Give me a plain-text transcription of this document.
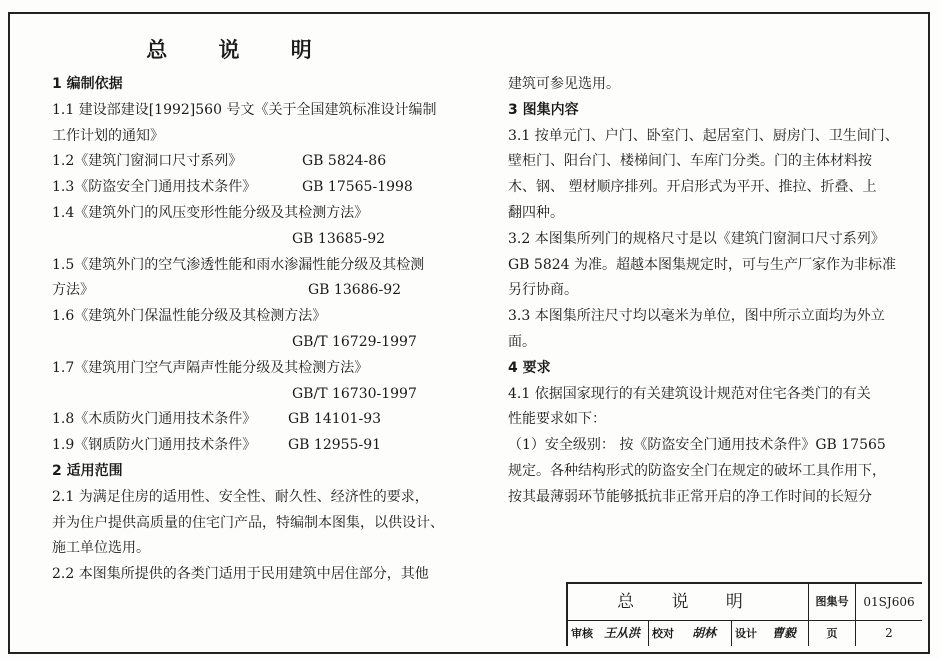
总 说 明
1 编制依据
1.1 建设部建设[1992]560 号文《关于全国建筑标准设计编制
工作计划的通知》
1.2《建筑门窗洞口尺寸系列》	GB 5824-86
1.3《防盗安全门通用技术条件》	GB 17565-1998
1.4《建筑外门的风压变形性能分级及其检测方法》
GB 13685-92
1.5《建筑外门的空气渗透性能和雨水渗漏性能分级及其检测
方法》	GB 13686-92
1.6《建筑外门保温性能分级及其检测方法》
GB/T 16729-1997
1.7《建筑用门空气声隔声性能分级及其检测方法》
GB/T 16730-1997
1.8《木质防火门通用技术条件》 GB 14101-93
1.9《钢质防火门通用技术条件》 GB 12955-91
2 适用范围
2.1 为满足住房的适用性、安全性、耐久性、经济性的要求，
并为住户提供高质量的住宅门产品，特编制本图集，以供设计、
施工单位选用。
2.2 本图集所提供的各类门适用于民用建筑中居住部分，其他
建筑可参见选用。
3 图集内容
3.1 按单元门、户门、卧室门、起居室门、厨房门、卫生间门、
壁柜门、阳台门、楼梯间门、车库门分类。门的主体材料按
木、钢、 塑材顺序排列。开启形式为平开、推拉、折叠、上
翻四种。
3.2 本图集所列门的规格尺寸是以《建筑门窗洞口尺寸系列》
GB 5824 为准。超越本图集规定时，可与生产厂家作为非标准
另行协商。
3.3 本图集所注尺寸均以毫米为单位，图中所示立面均为外立
面。
4 要求
4.1 依据国家现行的有关建筑设计规范对住宅各类门的有关
性能要求如下：
（1）安全级别： 按《防盗安全门通用技术条件》GB 17565
规定。各种结构形式的防盗安全门在规定的破坏工具作用下，
按其最薄弱环节能够抵抗非正常开启的净工作时间的长短分
总 说 明	图集号	01SJ606
审核 王从洪	校对	胡林	设计	曹毅	页	2
